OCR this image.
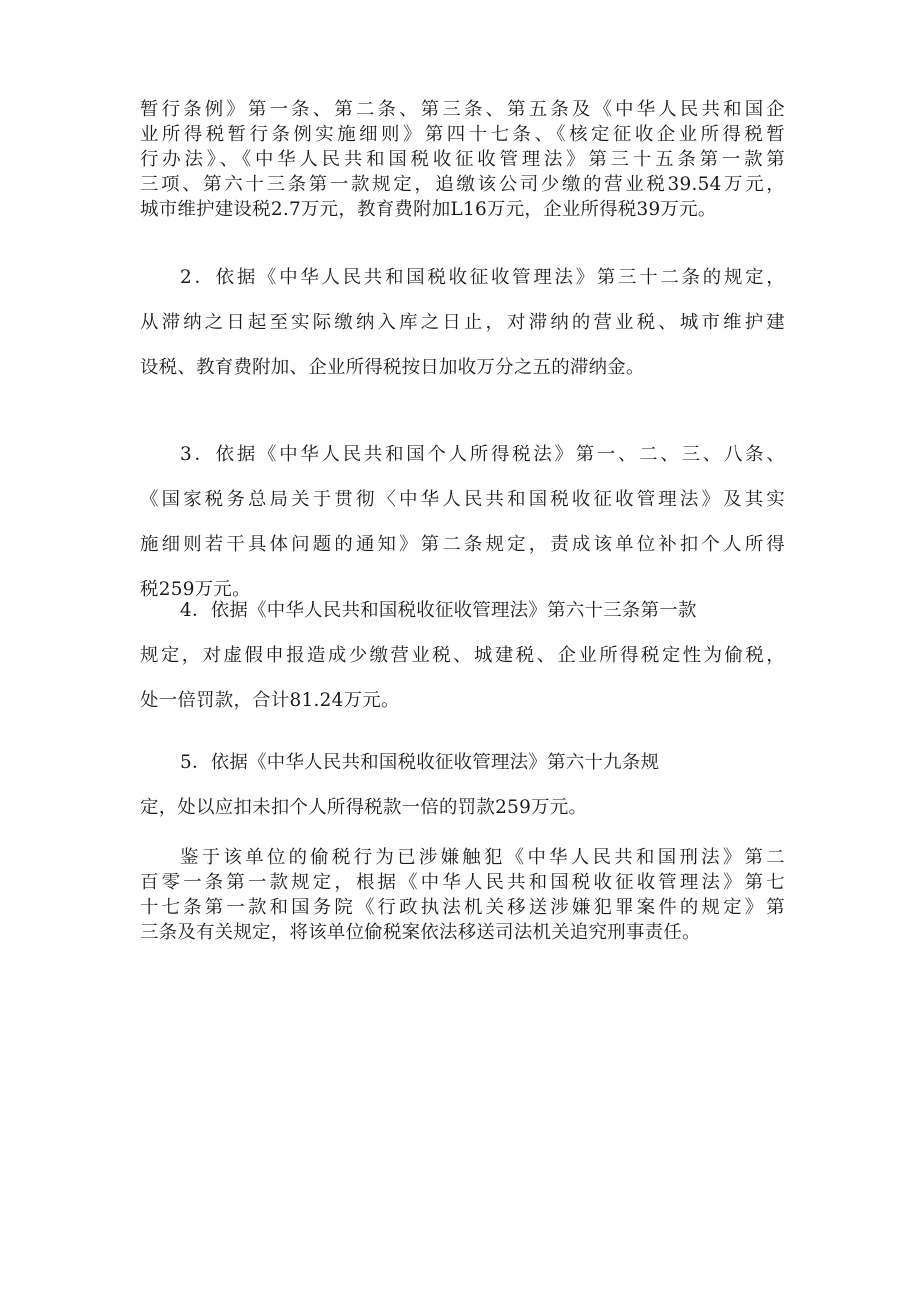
暂行条例》第一条、第二条、第三条、第五条及《中华人民共和国企
业所得税暂行条例实施细则》第四十七条、《核定征收企业所得税暂
行办法》、《中华人民共和国税收征收管理法》第三十五条第一款第
三项、第六十三条第一款规定，追缴该公司少缴的营业税39.54万元，
城市维护建设税2.7万元，教育费附加L16万元，企业所得税39万元。
2．依据《中华人民共和国税收征收管理法》第三十二条的规定，
从滞纳之日起至实际缴纳入库之日止，对滞纳的营业税、城市维护建
设税、教育费附加、企业所得税按日加收万分之五的滞纳金。
3．依据《中华人民共和国个人所得税法》第一、二、三、八条、
《国家税务总局关于贯彻〈中华人民共和国税收征收管理法》及其实
施细则若干具体问题的通知》第二条规定，责成该单位补扣个人所得
税259万元。
4．依据《中华人民共和国税收征收管理法》第六十三条第一款
规定，对虚假申报造成少缴营业税、城建税、企业所得税定性为偷税，
处一倍罚款，合计81.24万元。
5．依据《中华人民共和国税收征收管理法》第六十九条规
定，处以应扣未扣个人所得税款一倍的罚款259万元。
鉴于该单位的偷税行为已涉嫌触犯《中华人民共和国刑法》第二
百零一条第一款规定，根据《中华人民共和国税收征收管理法》第七
十七条第一款和国务院《行政执法机关移送涉嫌犯罪案件的规定》第
三条及有关规定，将该单位偷税案依法移送司法机关追究刑事责任。
